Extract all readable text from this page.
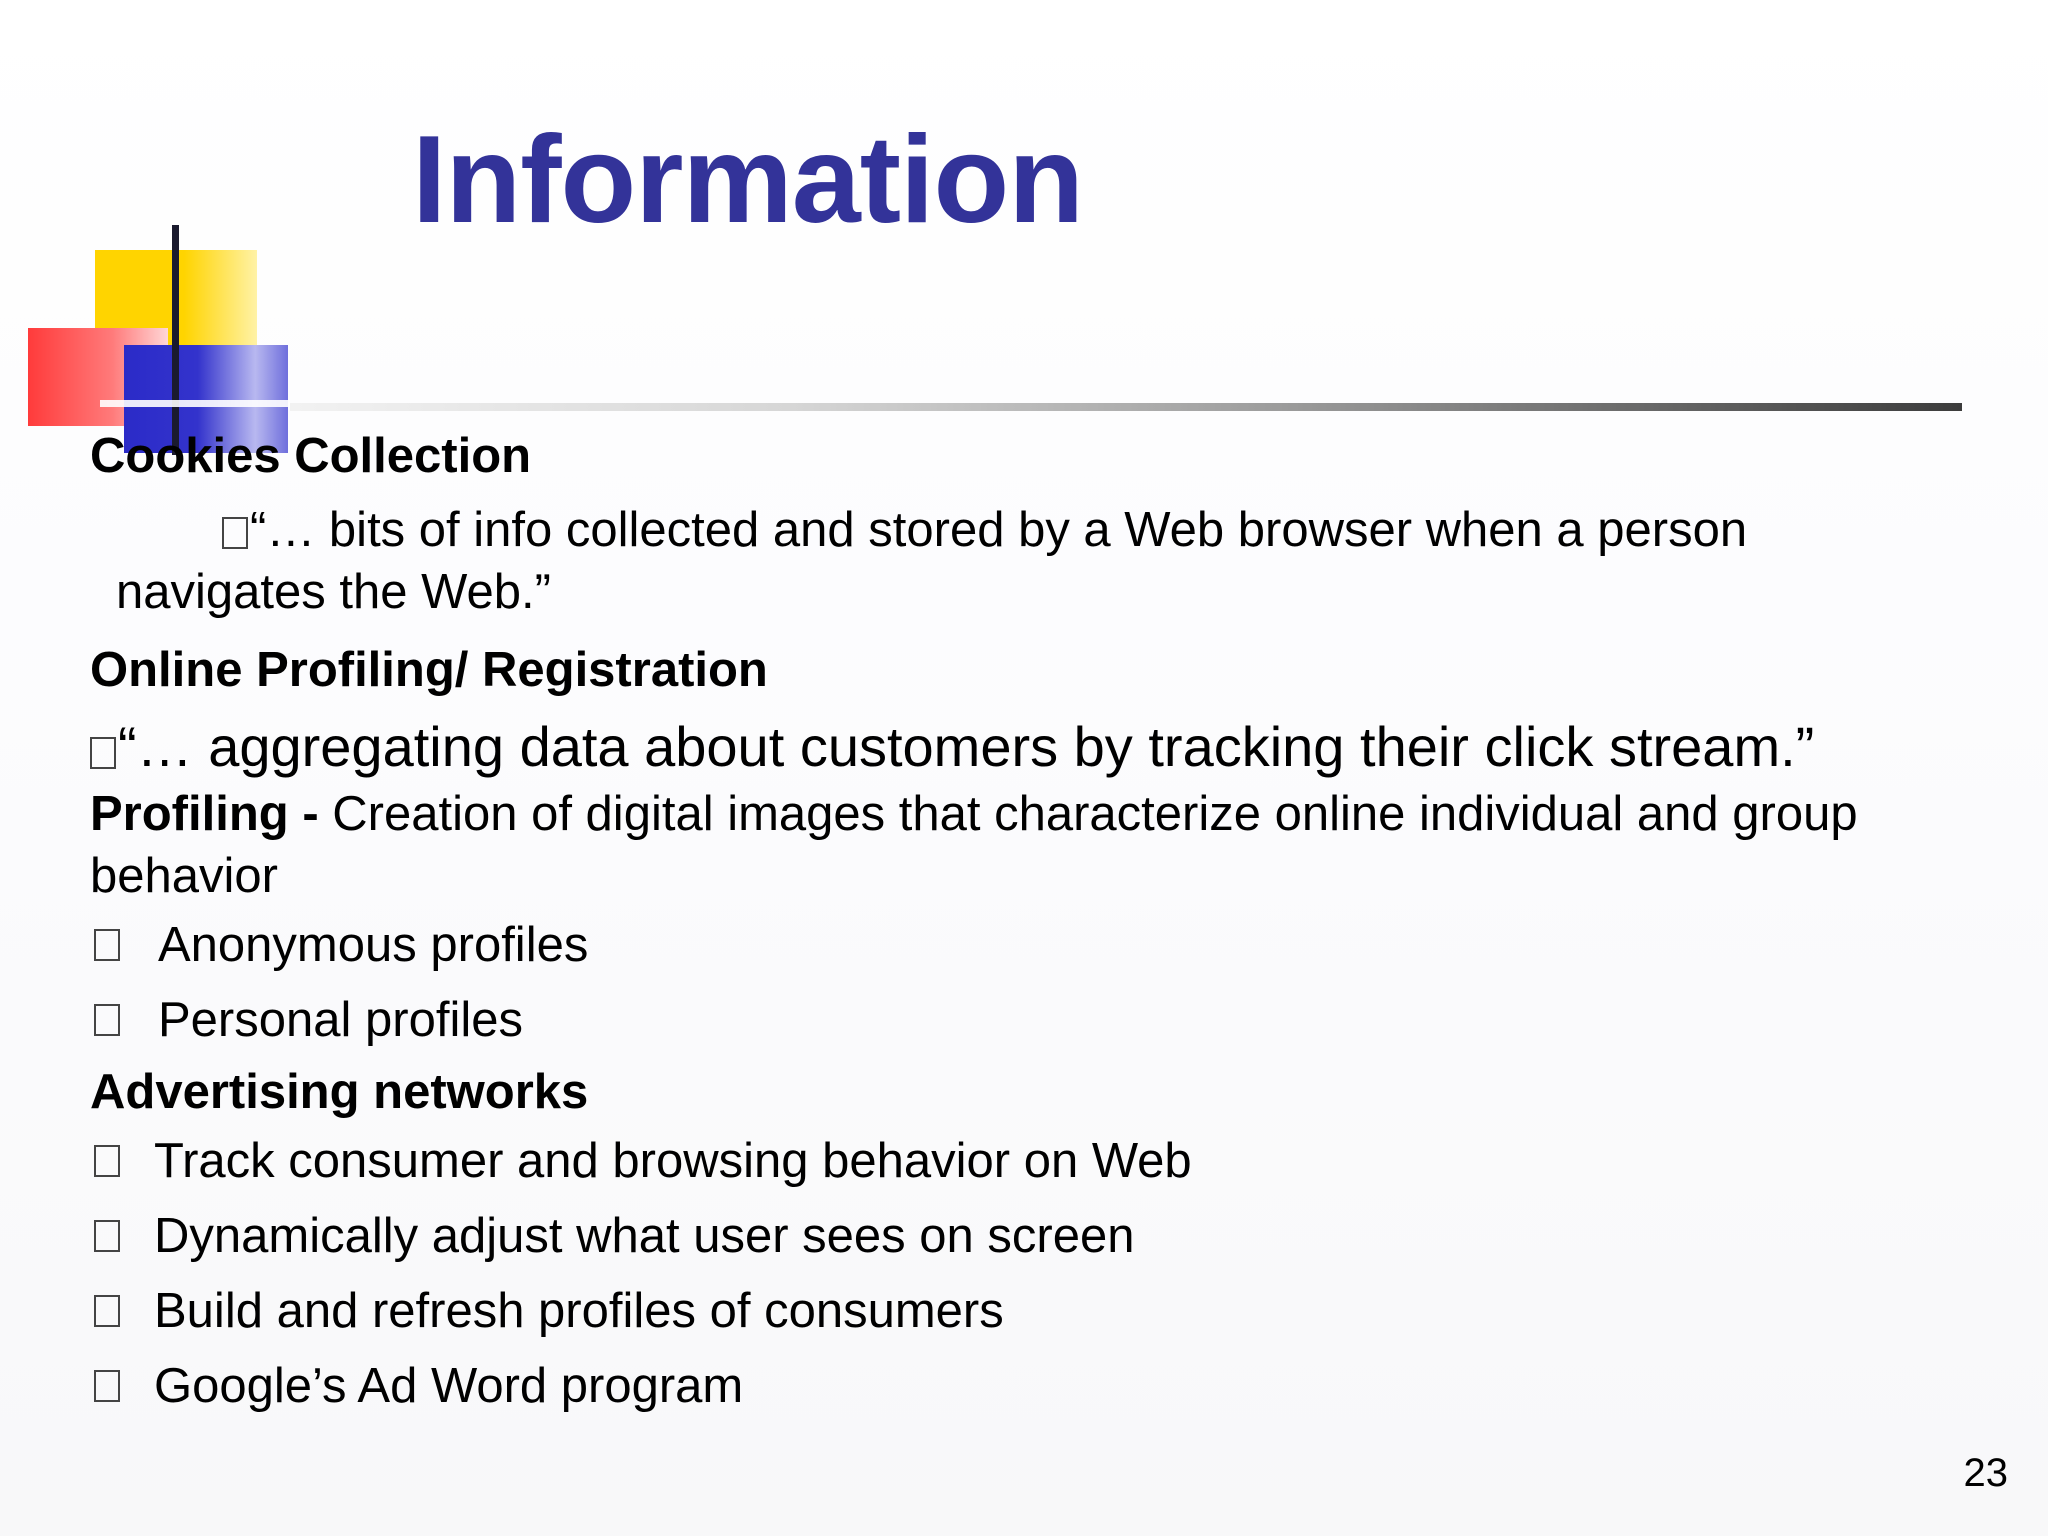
Information
Cookies Collection
“… bits of info collected and stored by a Web browser when a person
navigates the Web.”
Online Profiling/ Registration
“… aggregating data about customers by tracking their click stream.”
Profiling - Creation of digital images that characterize online individual and group behavior
Anonymous profiles
Personal profiles
Advertising networks
Track consumer and browsing behavior on Web
Dynamically adjust what user sees on screen
Build and refresh profiles of consumers
Google’s Ad Word program
23
